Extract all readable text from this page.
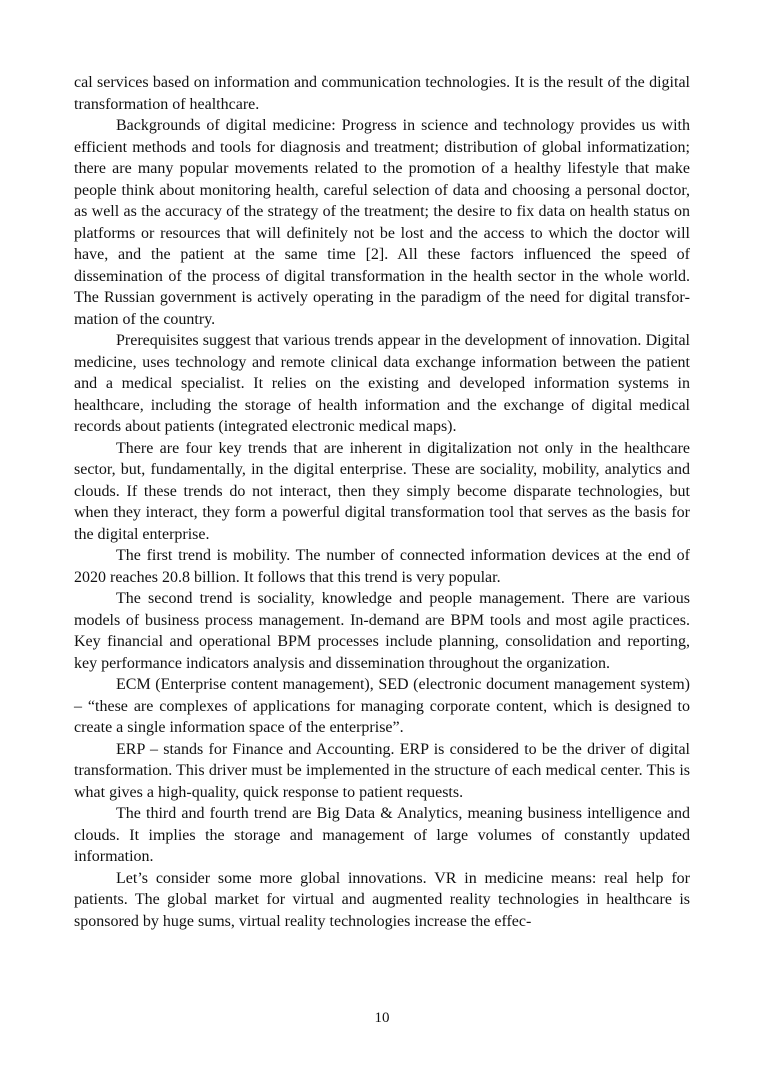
cal services based on information and communication technologies. It is the result of the digital transformation of healthcare.

Backgrounds of digital medicine: Progress in science and technology provides us with efficient methods and tools for diagnosis and treatment; distribution of global informatization; there are many popular movements related to the promotion of a healthy lifestyle that make people think about monitoring health, careful selection of data and choosing a personal doctor, as well as the accuracy of the strategy of the treatment; the desire to fix data on health status on platforms or resources that will definitely not be lost and the access to which the doctor will have, and the patient at the same time [2]. All these factors influenced the speed of dissemination of the process of digital transformation in the health sector in the whole world. The Russian government is actively operating in the paradigm of the need for digital transformation of the country.

Prerequisites suggest that various trends appear in the development of innovation. Digital medicine, uses technology and remote clinical data exchange information between the patient and a medical specialist. It relies on the existing and developed information systems in healthcare, including the storage of health information and the exchange of digital medical records about patients (integrated electronic medical maps).

There are four key trends that are inherent in digitalization not only in the healthcare sector, but, fundamentally, in the digital enterprise. These are sociality, mobility, analytics and clouds. If these trends do not interact, then they simply become disparate technologies, but when they interact, they form a powerful digital transformation tool that serves as the basis for the digital enterprise.

The first trend is mobility. The number of connected information devices at the end of 2020 reaches 20.8 billion. It follows that this trend is very popular.

The second trend is sociality, knowledge and people management. There are various models of business process management. In-demand are BPM tools and most agile practices. Key financial and operational BPM processes include planning, consolidation and reporting, key performance indicators analysis and dissemination throughout the organization.

ECM (Enterprise content management), SED (electronic document management system) – “these are complexes of applications for managing corporate content, which is designed to create a single information space of the enterprise”.

ERP – stands for Finance and Accounting. ERP is considered to be the driver of digital transformation. This driver must be implemented in the structure of each medical center. This is what gives a high-quality, quick response to patient requests.

The third and fourth trend are Big Data & Analytics, meaning business intelligence and clouds. It implies the storage and management of large volumes of constantly updated information.

Let’s consider some more global innovations. VR in medicine means: real help for patients. The global market for virtual and augmented reality technologies in healthcare is sponsored by huge sums, virtual reality technologies increase the effec-

10
